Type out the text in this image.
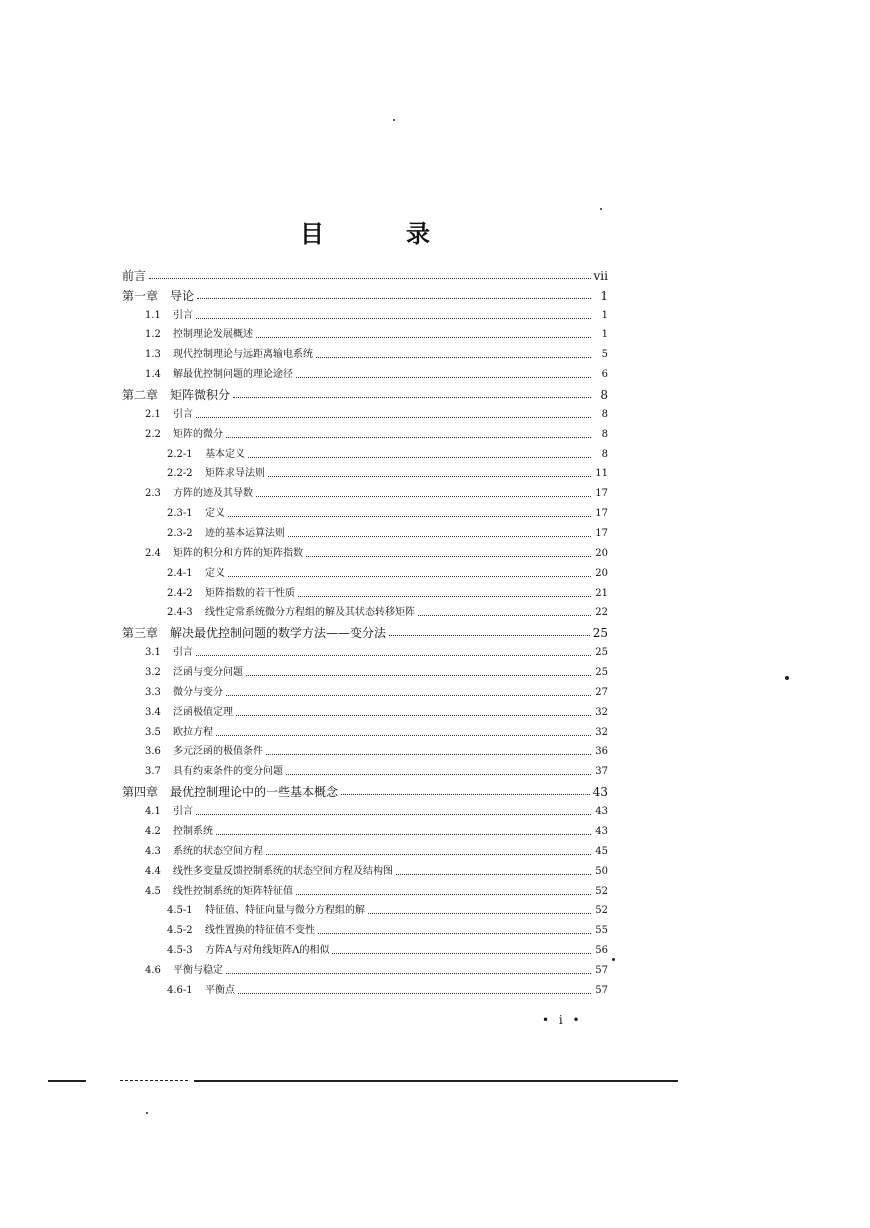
目	录
前言	vii
第一章 导论	1
1.1	引言	1
1.2	控制理论发展概述	1
1.3	现代控制理论与远距离输电系统	5
1.4	解最优控制问题的理论途径	6
第二章 矩阵微积分	8
2.1	引言	8
2.2	矩阵的微分	8
2.2-1	基本定义	8
2.2-2	矩阵求导法则	11
2.3	方阵的迹及其导数	17
2.3-1	定义	17
2.3-2	迹的基本运算法则	17
2.4	矩阵的积分和方阵的矩阵指数	20
2.4-1	定义	20
2.4-2	矩阵指数的若干性质	21
2.4-3	线性定常系统微分方程组的解及其状态转移矩阵	22
第三章 解决最优控制问题的数学方法——变分法	25
3.1	引言	25
3.2	泛函与变分问题	25
3.3	微分与变分	27
3.4	泛函极值定理	32
3.5	欧拉方程	32
3.6	多元泛函的极值条件	36
3.7	具有约束条件的变分问题	37
第四章 最优控制理论中的一些基本概念	43
4.1	引言	43
4.2	控制系统	43
4.3	系统的状态空间方程	45
4.4	线性多变量反馈控制系统的状态空间方程及结构图	50
4.5	线性控制系统的矩阵特征值	52
4.5-1	特征值、特征向量与微分方程组的解	52
4.5-2	线性置换的特征值不变性	55
4.5-3	方阵A与对角线矩阵Λ的相似	56
4.6	平衡与稳定	57
4.6-1	平衡点	57
• i •
